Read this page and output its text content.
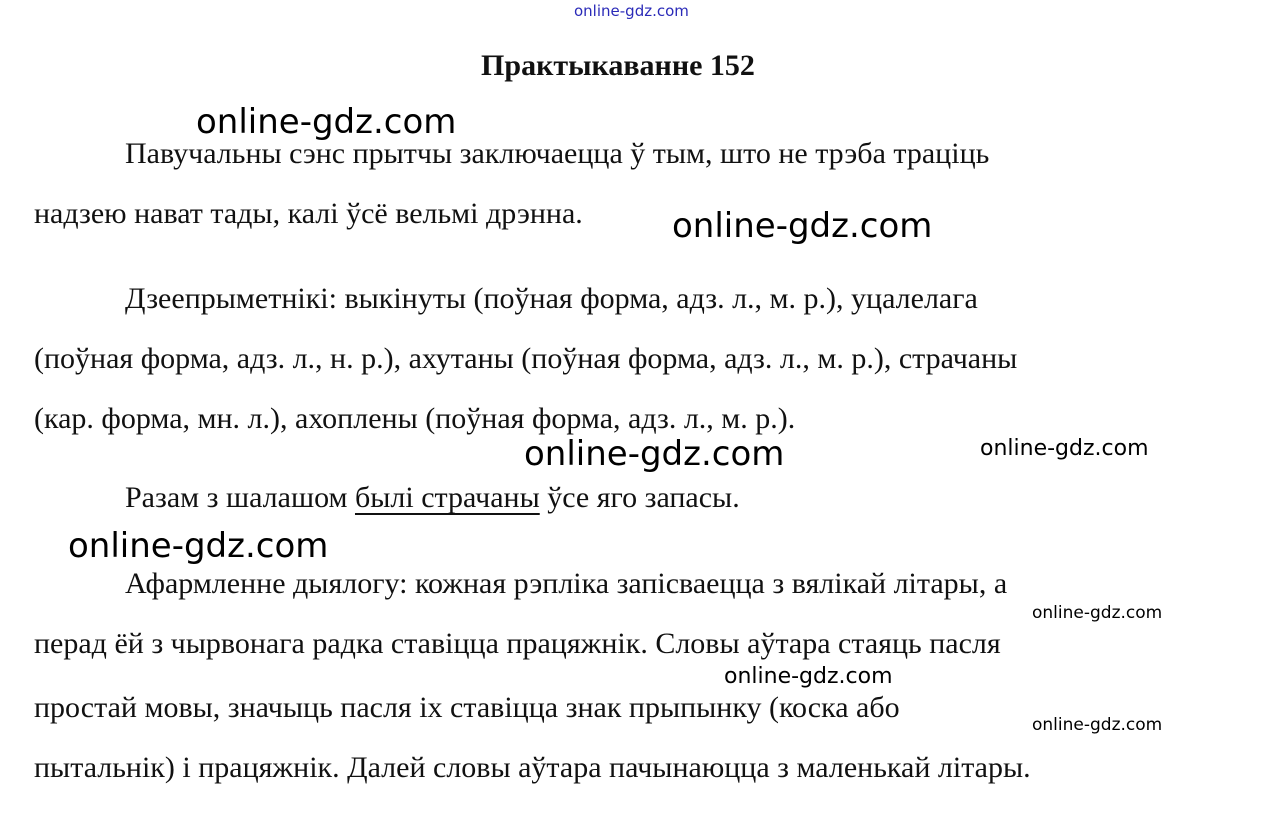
online-gdz.com
Практыкаванне 152
Павучальны сэнс прытчы заключаецца ў тым, што не трэба траціць
надзею нават тады, калі ўсё вельмі дрэнна.
Дзеепрыметнікі: выкінуты (поўная форма, адз. л., м. р.), уцалелага
(поўная форма, адз. л., н. р.), ахутаны (поўная форма, адз. л., м. р.), страчаны
(кар. форма, мн. л.), ахоплены (поўная форма, адз. л., м. р.).
Разам з шалашом былі страчаны ўсе яго запасы.
Афармленне дыялогу: кожная рэпліка запісваецца з вялікай літары, а
перад ёй з чырвонага радка ставіцца працяжнік. Словы аўтара стаяць пасля
простай мовы, значыць пасля іх ставіцца знак прыпынку (коска або
пытальнік) і працяжнік. Далей словы аўтара пачынаюцца з маленькай літары.
online-gdz.com
online-gdz.com
online-gdz.com
online-gdz.com
online-gdz.com
online-gdz.com
online-gdz.com
online-gdz.com
